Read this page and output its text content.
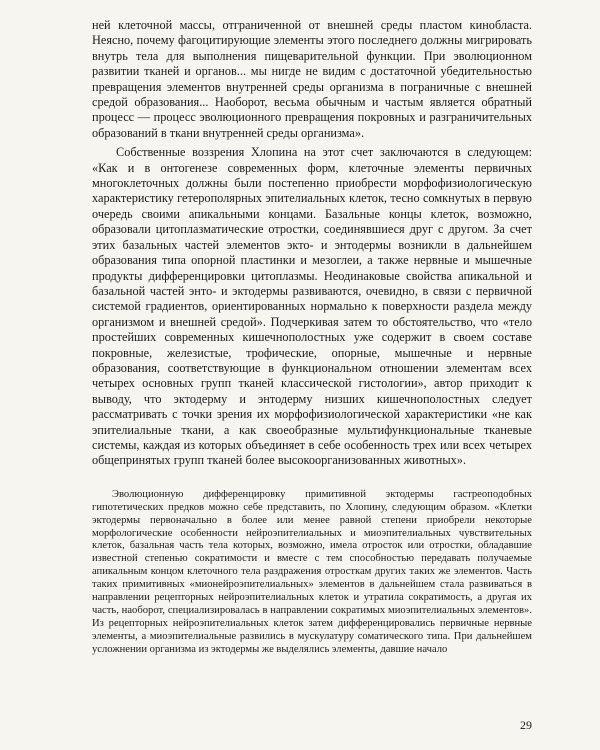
ней клеточной массы, отграниченной от внешней среды пластом кинобласта. Неясно, почему фагоцитирующие элементы этого последнего должны мигрировать внутрь тела для выполнения пищеварительной функции. При эволюционном развитии тканей и органов... мы нигде не видим с достаточной убедительностью превращения элементов внутренней среды организма в пограничные с внешней средой образования... Наоборот, весьма обычным и частым является обратный процесс — процесс эволюционного превращения покровных и разграничительных образований в ткани внутренней среды организма».

Собственные воззрения Хлопина на этот счет заключаются в следующем: «Как и в онтогенезе современных форм, клеточные элементы первичных многоклеточных должны были постепенно приобрести морфофизиологическую характеристику гетерополярных эпителиальных клеток, тесно сомкнутых в первую очередь своими апикальными концами. Базальные концы клеток, возможно, образовали цитоплазматические отростки, соединявшиеся друг с другом. За счет этих базальных частей элементов экто- и энтодермы возникли в дальнейшем образования типа опорной пластинки и мезоглеи, а также нервные и мышечные продукты дифференцировки цитоплазмы. Неодинаковые свойства апикальной и базальной частей энто- и эктодермы развиваются, очевидно, в связи с первичной системой градиентов, ориентированных нормально к поверхности раздела между организмом и внешней средой». Подчеркивая затем то обстоятельство, что «тело простейших современных кишечнополостных уже содержит в своем составе покровные, железистые, трофические, опорные, мышечные и нервные образования, соответствующие в функциональном отношении элементам всех четырех основных групп тканей классической гистологии», автор приходит к выводу, что эктодерму и энтодерму низших кишечнополостных следует рассматривать с точки зрения их морфофизиологической характеристики «не как эпителиальные ткани, а как своеобразные мультифункциональные тканевые системы, каждая из которых объединяет в себе особенность трех или всех четырех общепринятых групп тканей более высокоорганизованных животных».

Эволюционную дифференцировку примитивной эктодермы гастреоподобных гипотетических предков можно себе представить, по Хлопину, следующим образом. «Клетки эктодермы первоначально в более или менее равной степени приобрели некоторые морфологические особенности нейроэпителиальных и миоэпителиальных чувствительных клеток, базальная часть тела которых, возможно, имела отросток или отростки, обладавшие известной степенью сократимости и вместе с тем способностью передавать получаемые апикальным концом клеточного тела раздражения отросткам других таких же элементов. Часть таких примитивных «мионейроэпителиальных» элементов в дальнейшем стала развиваться в направлении рецепторных нейроэпителиальных клеток и утратила сократимость, а другая их часть, наоборот, специализировалась в направлении сократимых миоэпителиальных элементов». Из рецепторных нейроэпителиальных клеток затем дифференцировались первичные нервные элементы, а миоэпителиальные развились в мускулатуру соматического типа. При дальнейшем усложнении организма из эктодермы же выделялись элементы, давшие начало

29
